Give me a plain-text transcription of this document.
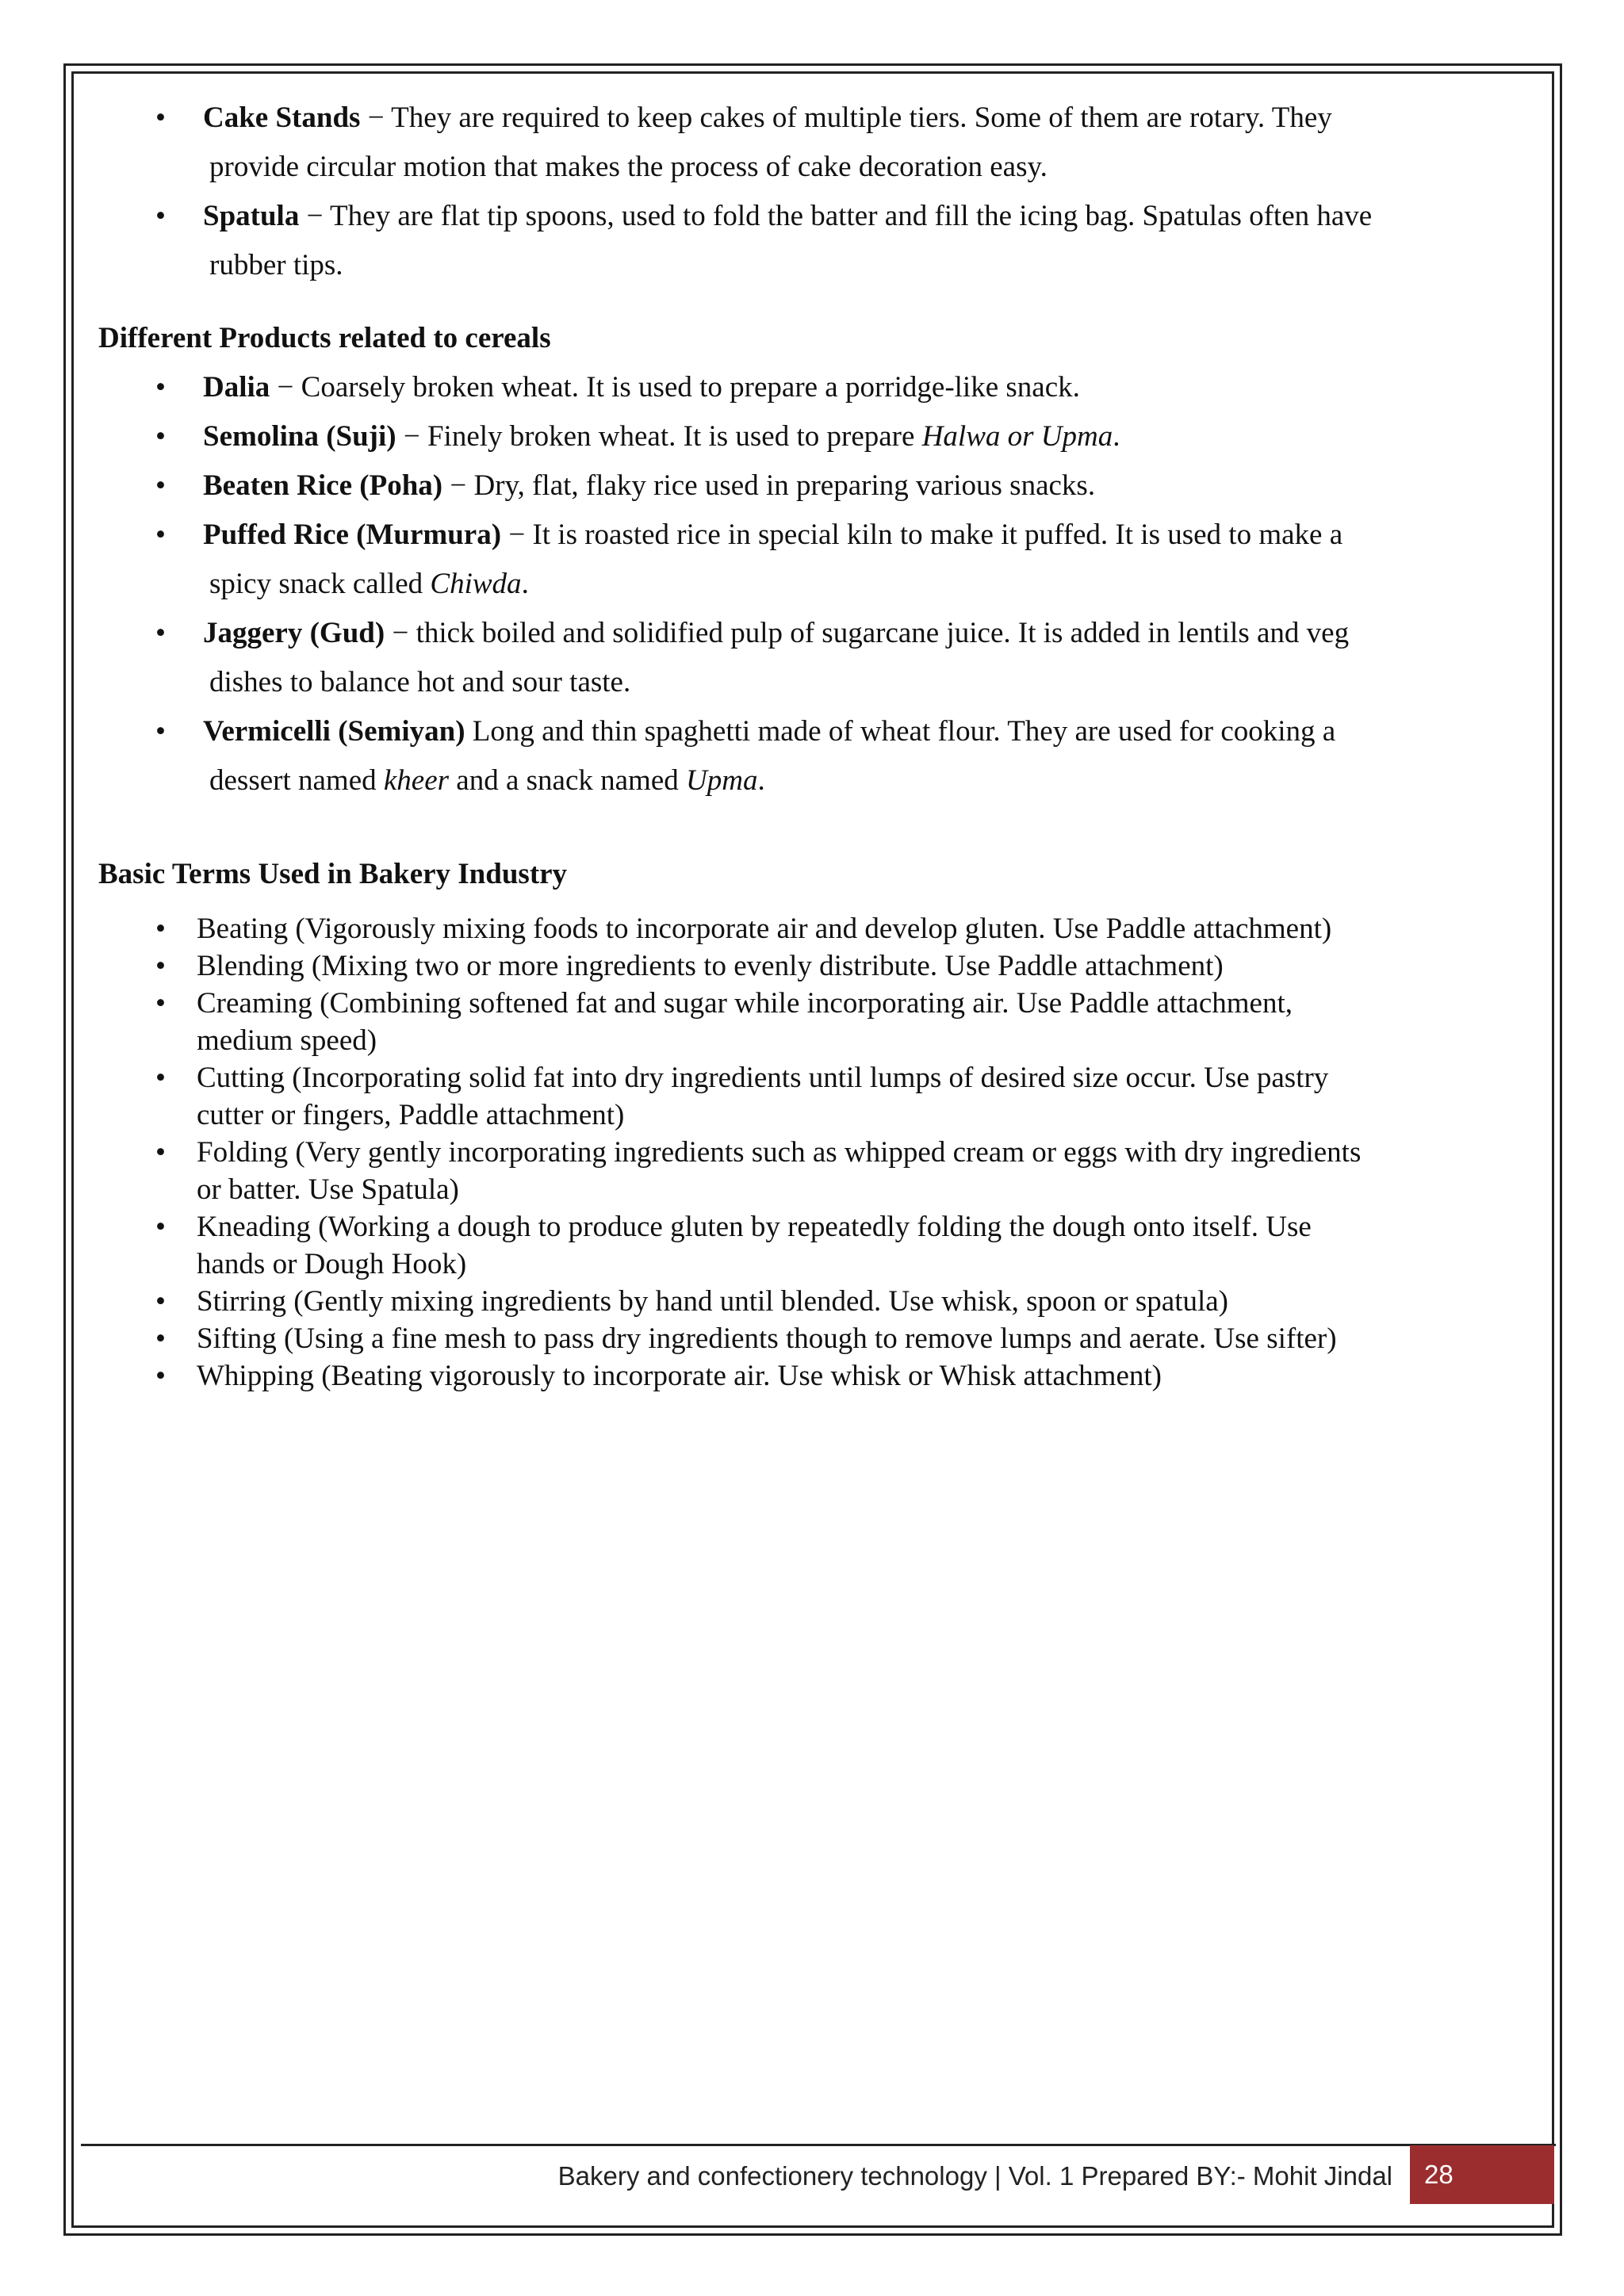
• Cake Stands − They are required to keep cakes of multiple tiers. Some of them are rotary. They
provide circular motion that makes the process of cake decoration easy.
• Spatula − They are flat tip spoons, used to fold the batter and fill the icing bag. Spatulas often have
rubber tips.
Different Products related to cereals
• Dalia − Coarsely broken wheat. It is used to prepare a porridge-like snack.
• Semolina (Suji) − Finely broken wheat. It is used to prepare Halwa or Upma.
• Beaten Rice (Poha) − Dry, flat, flaky rice used in preparing various snacks.
• Puffed Rice (Murmura) − It is roasted rice in special kiln to make it puffed. It is used to make a
spicy snack called Chiwda.
• Jaggery (Gud) − thick boiled and solidified pulp of sugarcane juice. It is added in lentils and veg
dishes to balance hot and sour taste.
• Vermicelli (Semiyan) Long and thin spaghetti made of wheat flour. They are used for cooking a
dessert named kheer and a snack named Upma.
Basic Terms Used in Bakery Industry
• Beating (Vigorously mixing foods to incorporate air and develop gluten. Use Paddle attachment)
• Blending (Mixing two or more ingredients to evenly distribute. Use Paddle attachment)
• Creaming (Combining softened fat and sugar while incorporating air. Use Paddle attachment,
medium speed)
• Cutting (Incorporating solid fat into dry ingredients until lumps of desired size occur. Use pastry
cutter or fingers, Paddle attachment)
• Folding (Very gently incorporating ingredients such as whipped cream or eggs with dry ingredients
or batter. Use Spatula)
• Kneading (Working a dough to produce gluten by repeatedly folding the dough onto itself. Use
hands or Dough Hook)
• Stirring (Gently mixing ingredients by hand until blended. Use whisk, spoon or spatula)
• Sifting (Using a fine mesh to pass dry ingredients though to remove lumps and aerate. Use sifter)
• Whipping (Beating vigorously to incorporate air. Use whisk or Whisk attachment)
Bakery and confectionery technology | Vol. 1 Prepared BY:- Mohit Jindal	28
